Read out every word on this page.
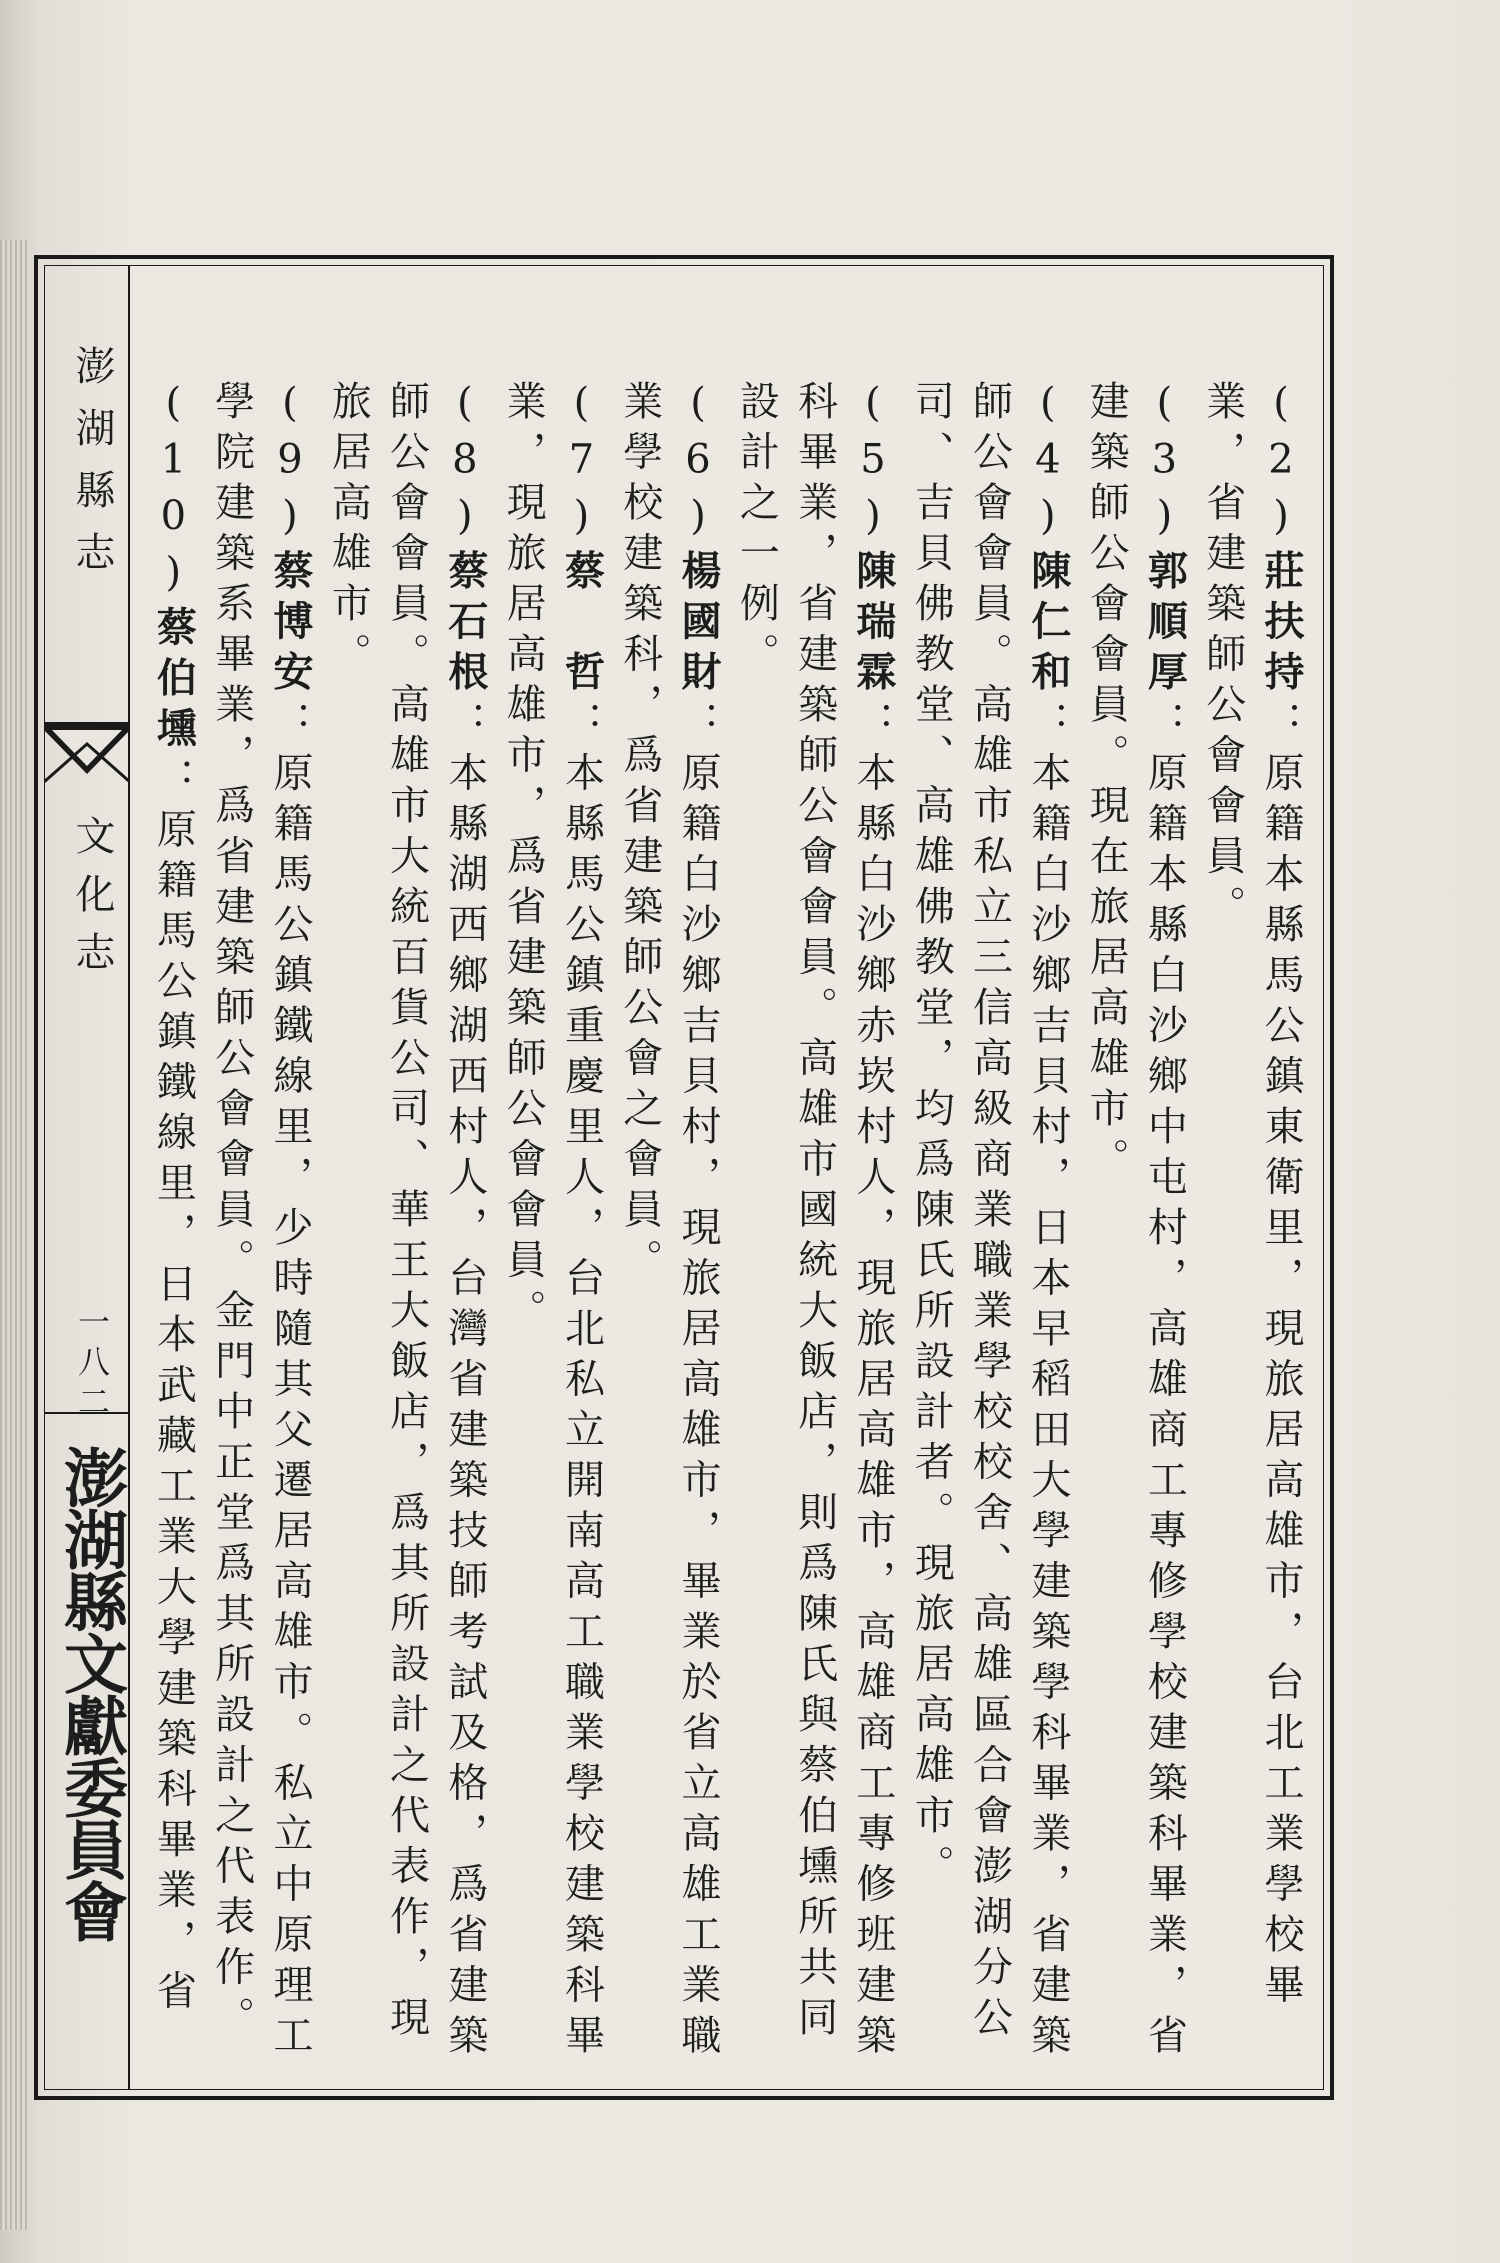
澎湖縣志
文化志
一八二
澎湖縣文獻委員會

(2)莊扶持：原籍本縣馬公鎮東衛里，現旅居高雄市，台北工業學校畢業，省建築師公會會員。

(3)郭順厚：原籍本縣白沙鄉中屯村，高雄商工專修學校建築科畢業，省建築師公會會員。現在旅居高雄市。

(4)陳仁和：本籍白沙鄉吉貝村，日本早稻田大學建築學科畢業，省建築師公會會員。高雄市私立三信高級商業職業學校校舍、高雄區合會澎湖分公司、吉貝佛教堂、高雄佛教堂，均爲陳氏所設計者。現旅居高雄市。

(5)陳瑞霖：本縣白沙鄉赤崁村人，現旅居高雄市，高雄商工專修班建築科畢業，省建築師公會會員。高雄市國統大飯店，則爲陳氏與蔡伯壎所共同設計之一例。

(6)楊國財：原籍白沙鄉吉貝村，現旅居高雄市，畢業於省立高雄工業職業學校建築科，爲省建築師公會之會員。

(7)蔡　哲：本縣馬公鎮重慶里人，台北私立開南高工職業學校建築科畢業，現旅居高雄市，爲省建築師公會會員。

(8)蔡石根：本縣湖西鄉湖西村人，台灣省建築技師考試及格，爲省建築師公會會員。高雄市大統百貨公司、華王大飯店，爲其所設計之代表作，現旅居高雄市。

(9)蔡博安：原籍馬公鎮鐵線里，少時隨其父遷居高雄市。私立中原理工學院建築系畢業，爲省建築師公會會員。金門中正堂爲其所設計之代表作。

(10)蔡伯壎：原籍馬公鎮鐵線里，日本武藏工業大學建築科畢業，省
